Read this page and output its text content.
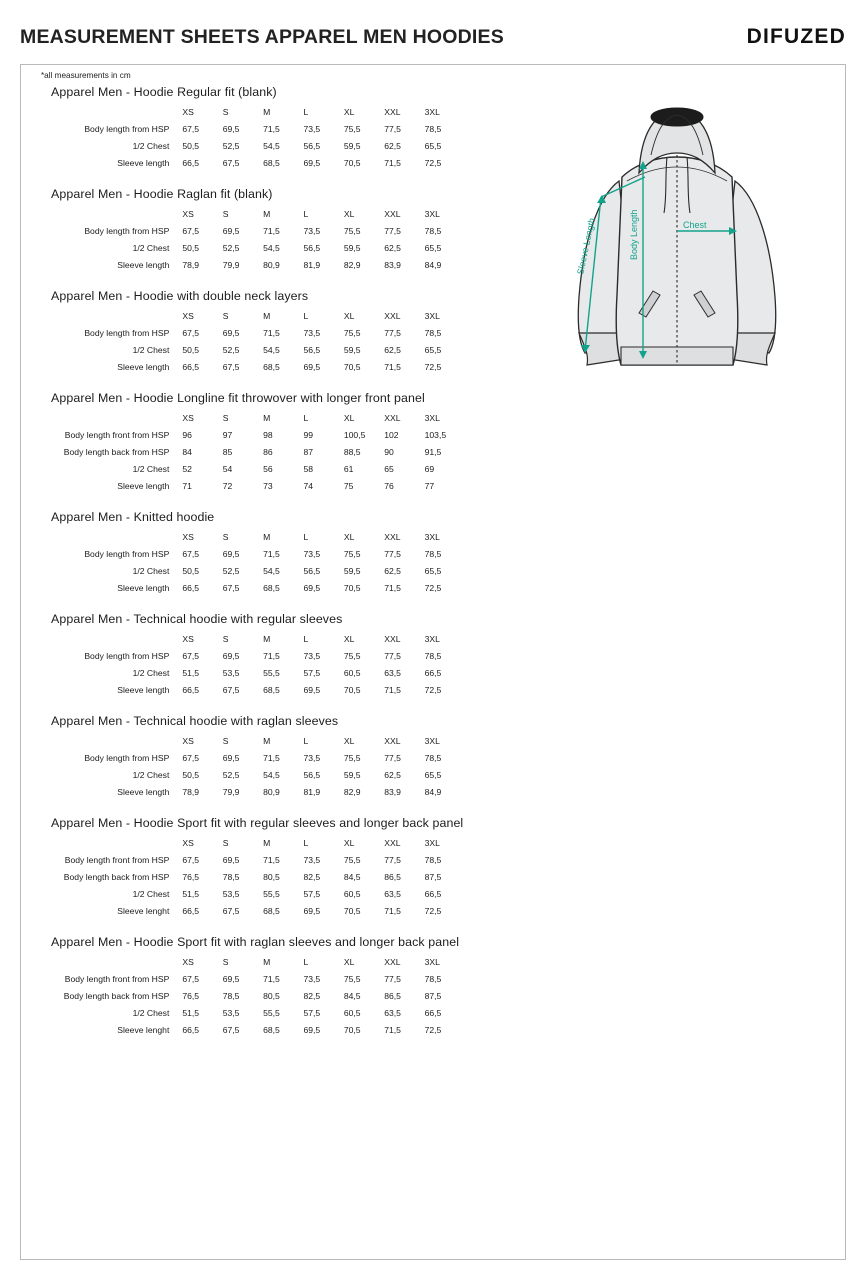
MEASUREMENT SHEETS APPAREL MEN HOODIES	DIFUZED
Apparel Men - Hoodie Regular fit (blank)
	XS	S	M	L	XL	XXL	3XL
Body length from HSP	67,5	69,5	71,5	73,5	75,5	77,5	78,5
1/2 Chest	50,5	52,5	54,5	56,5	59,5	62,5	65,5
Sleeve length	66,5	67,5	68,5	69,5	70,5	71,5	72,5
Apparel Men - Hoodie Raglan fit (blank)
	XS	S	M	L	XL	XXL	3XL
Body length from HSP	67,5	69,5	71,5	73,5	75,5	77,5	78,5
1/2 Chest	50,5	52,5	54,5	56,5	59,5	62,5	65,5
Sleeve length	78,9	79,9	80,9	81,9	82,9	83,9	84,9
Apparel Men - Hoodie with double neck layers
	XS	S	M	L	XL	XXL	3XL
Body length from HSP	67,5	69,5	71,5	73,5	75,5	77,5	78,5
1/2 Chest	50,5	52,5	54,5	56,5	59,5	62,5	65,5
Sleeve length	66,5	67,5	68,5	69,5	70,5	71,5	72,5
Apparel Men - Hoodie Longline fit throwover with longer front panel
	XS	S	M	L	XL	XXL	3XL
Body length front from HSP	96	97	98	99	100,5	102	103,5
Body length back from HSP	84	85	86	87	88,5	90	91,5
1/2 Chest	52	54	56	58	61	65	69
Sleeve length	71	72	73	74	75	76	77
Apparel Men - Knitted hoodie
	XS	S	M	L	XL	XXL	3XL
Body length from HSP	67,5	69,5	71,5	73,5	75,5	77,5	78,5
1/2 Chest	50,5	52,5	54,5	56,5	59,5	62,5	65,5
Sleeve length	66,5	67,5	68,5	69,5	70,5	71,5	72,5
Apparel Men - Technical hoodie with regular sleeves
	XS	S	M	L	XL	XXL	3XL
Body length from HSP	67,5	69,5	71,5	73,5	75,5	77,5	78,5
1/2 Chest	51,5	53,5	55,5	57,5	60,5	63,5	66,5
Sleeve length	66,5	67,5	68,5	69,5	70,5	71,5	72,5
Apparel Men - Technical hoodie with raglan sleeves
	XS	S	M	L	XL	XXL	3XL
Body length from HSP	67,5	69,5	71,5	73,5	75,5	77,5	78,5
1/2 Chest	50,5	52,5	54,5	56,5	59,5	62,5	65,5
Sleeve length	78,9	79,9	80,9	81,9	82,9	83,9	84,9
Apparel Men - Hoodie Sport fit with regular sleeves and longer back panel
	XS	S	M	L	XL	XXL	3XL
Body length front from HSP	67,5	69,5	71,5	73,5	75,5	77,5	78,5
Body length back from HSP	76,5	78,5	80,5	82,5	84,5	86,5	87,5
1/2 Chest	51,5	53,5	55,5	57,5	60,5	63,5	66,5
Sleeve lenght	66,5	67,5	68,5	69,5	70,5	71,5	72,5
Apparel Men - Hoodie Sport fit with raglan sleeves and longer back panel
	XS	S	M	L	XL	XXL	3XL
Body length front from HSP	67,5	69,5	71,5	73,5	75,5	77,5	78,5
Body length back from HSP	76,5	78,5	80,5	82,5	84,5	86,5	87,5
1/2 Chest	51,5	53,5	55,5	57,5	60,5	63,5	66,5
Sleeve lenght	66,5	67,5	68,5	69,5	70,5	71,5	72,5
Body Length	Chest
Sleeve Length
*all measurements in cm
